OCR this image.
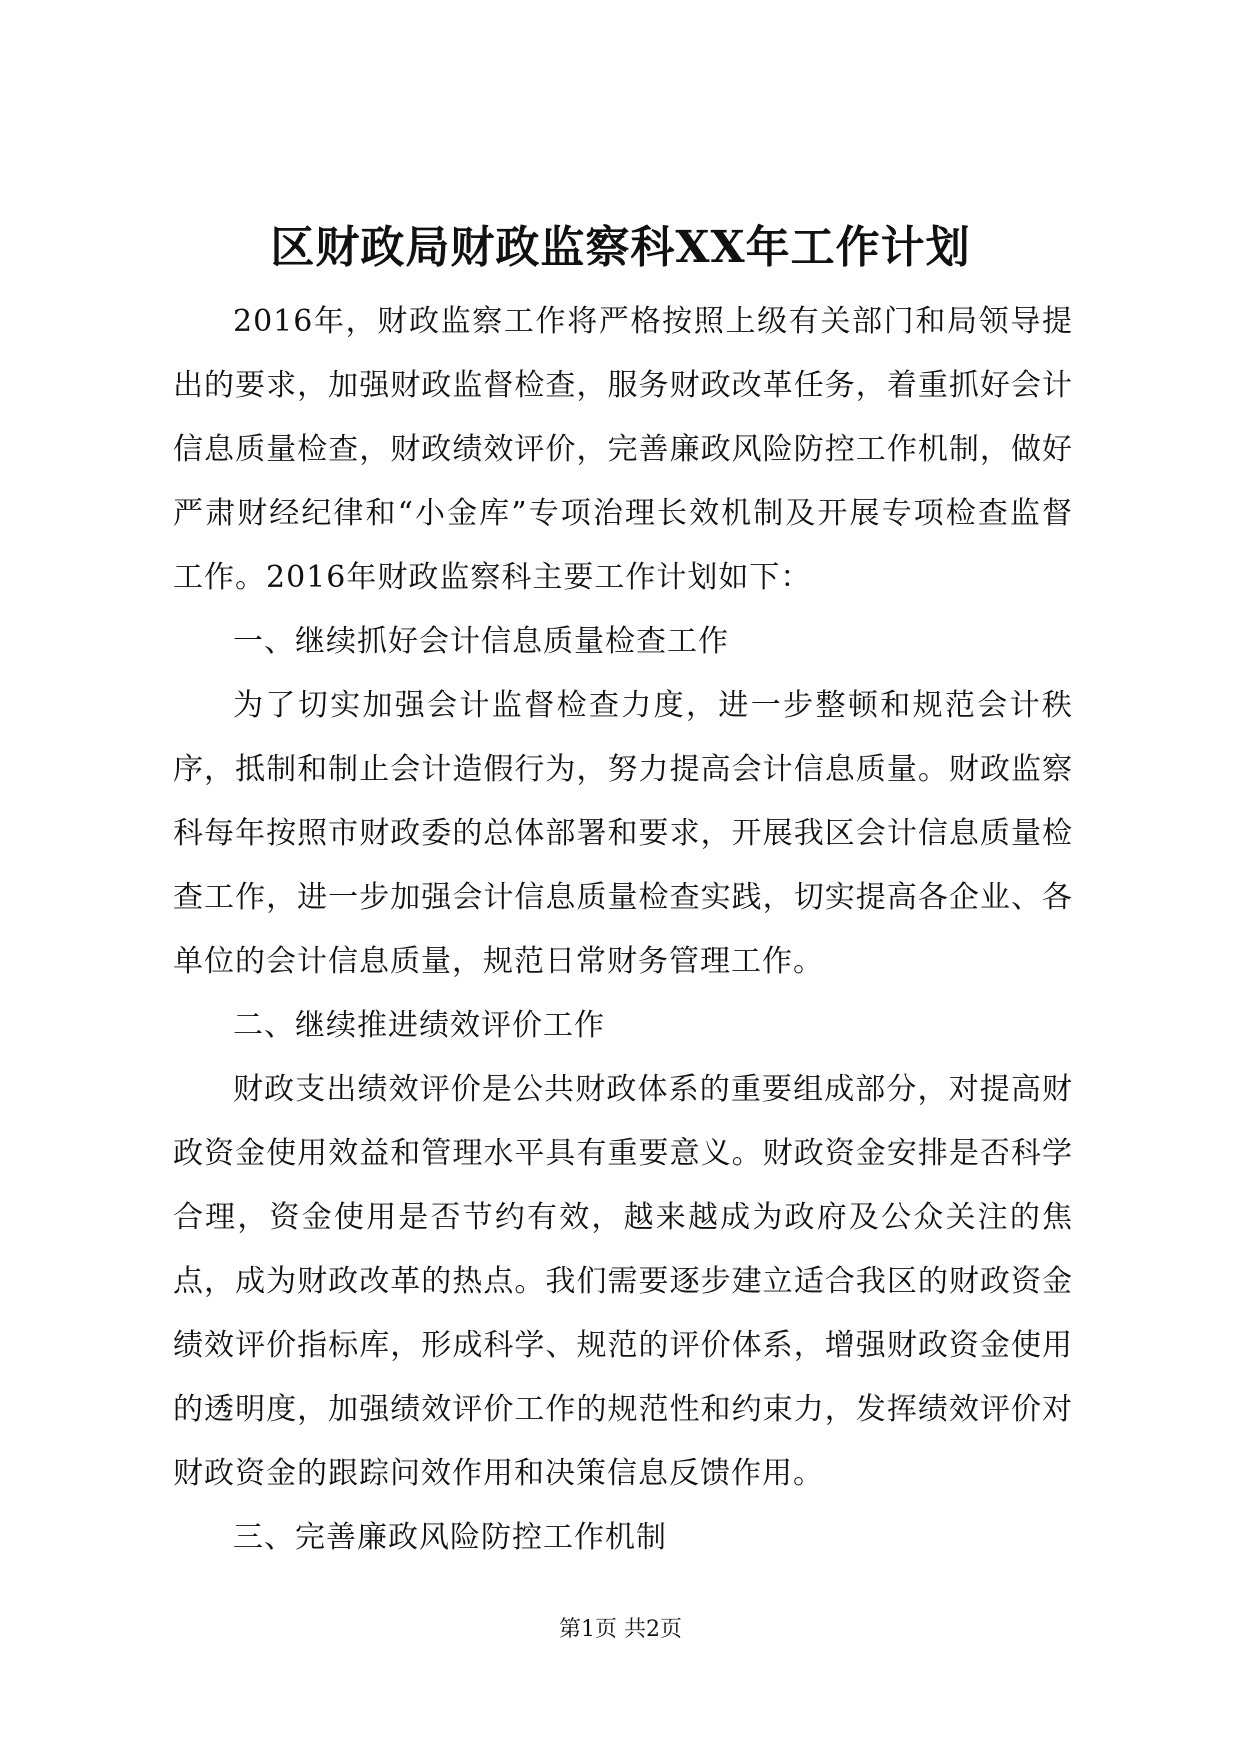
区财政局财政监察科XX年工作计划

2016年，财政监察工作将严格按照上级有关部门和局领导提出的要求，加强财政监督检查，服务财政改革任务，着重抓好会计信息质量检查，财政绩效评价，完善廉政风险防控工作机制，做好严肃财经纪律和“小金库”专项治理长效机制及开展专项检查监督工作。2016年财政监察科主要工作计划如下：

一、继续抓好会计信息质量检查工作

为了切实加强会计监督检查力度，进一步整顿和规范会计秩序，抵制和制止会计造假行为，努力提高会计信息质量。财政监察科每年按照市财政委的总体部署和要求，开展我区会计信息质量检查工作，进一步加强会计信息质量检查实践，切实提高各企业、各单位的会计信息质量，规范日常财务管理工作。

二、继续推进绩效评价工作

财政支出绩效评价是公共财政体系的重要组成部分，对提高财政资金使用效益和管理水平具有重要意义。财政资金安排是否科学合理，资金使用是否节约有效，越来越成为政府及公众关注的焦点，成为财政改革的热点。我们需要逐步建立适合我区的财政资金绩效评价指标库，形成科学、规范的评价体系，增强财政资金使用的透明度，加强绩效评价工作的规范性和约束力，发挥绩效评价对财政资金的跟踪问效作用和决策信息反馈作用。

三、完善廉政风险防控工作机制

第1页 共2页
